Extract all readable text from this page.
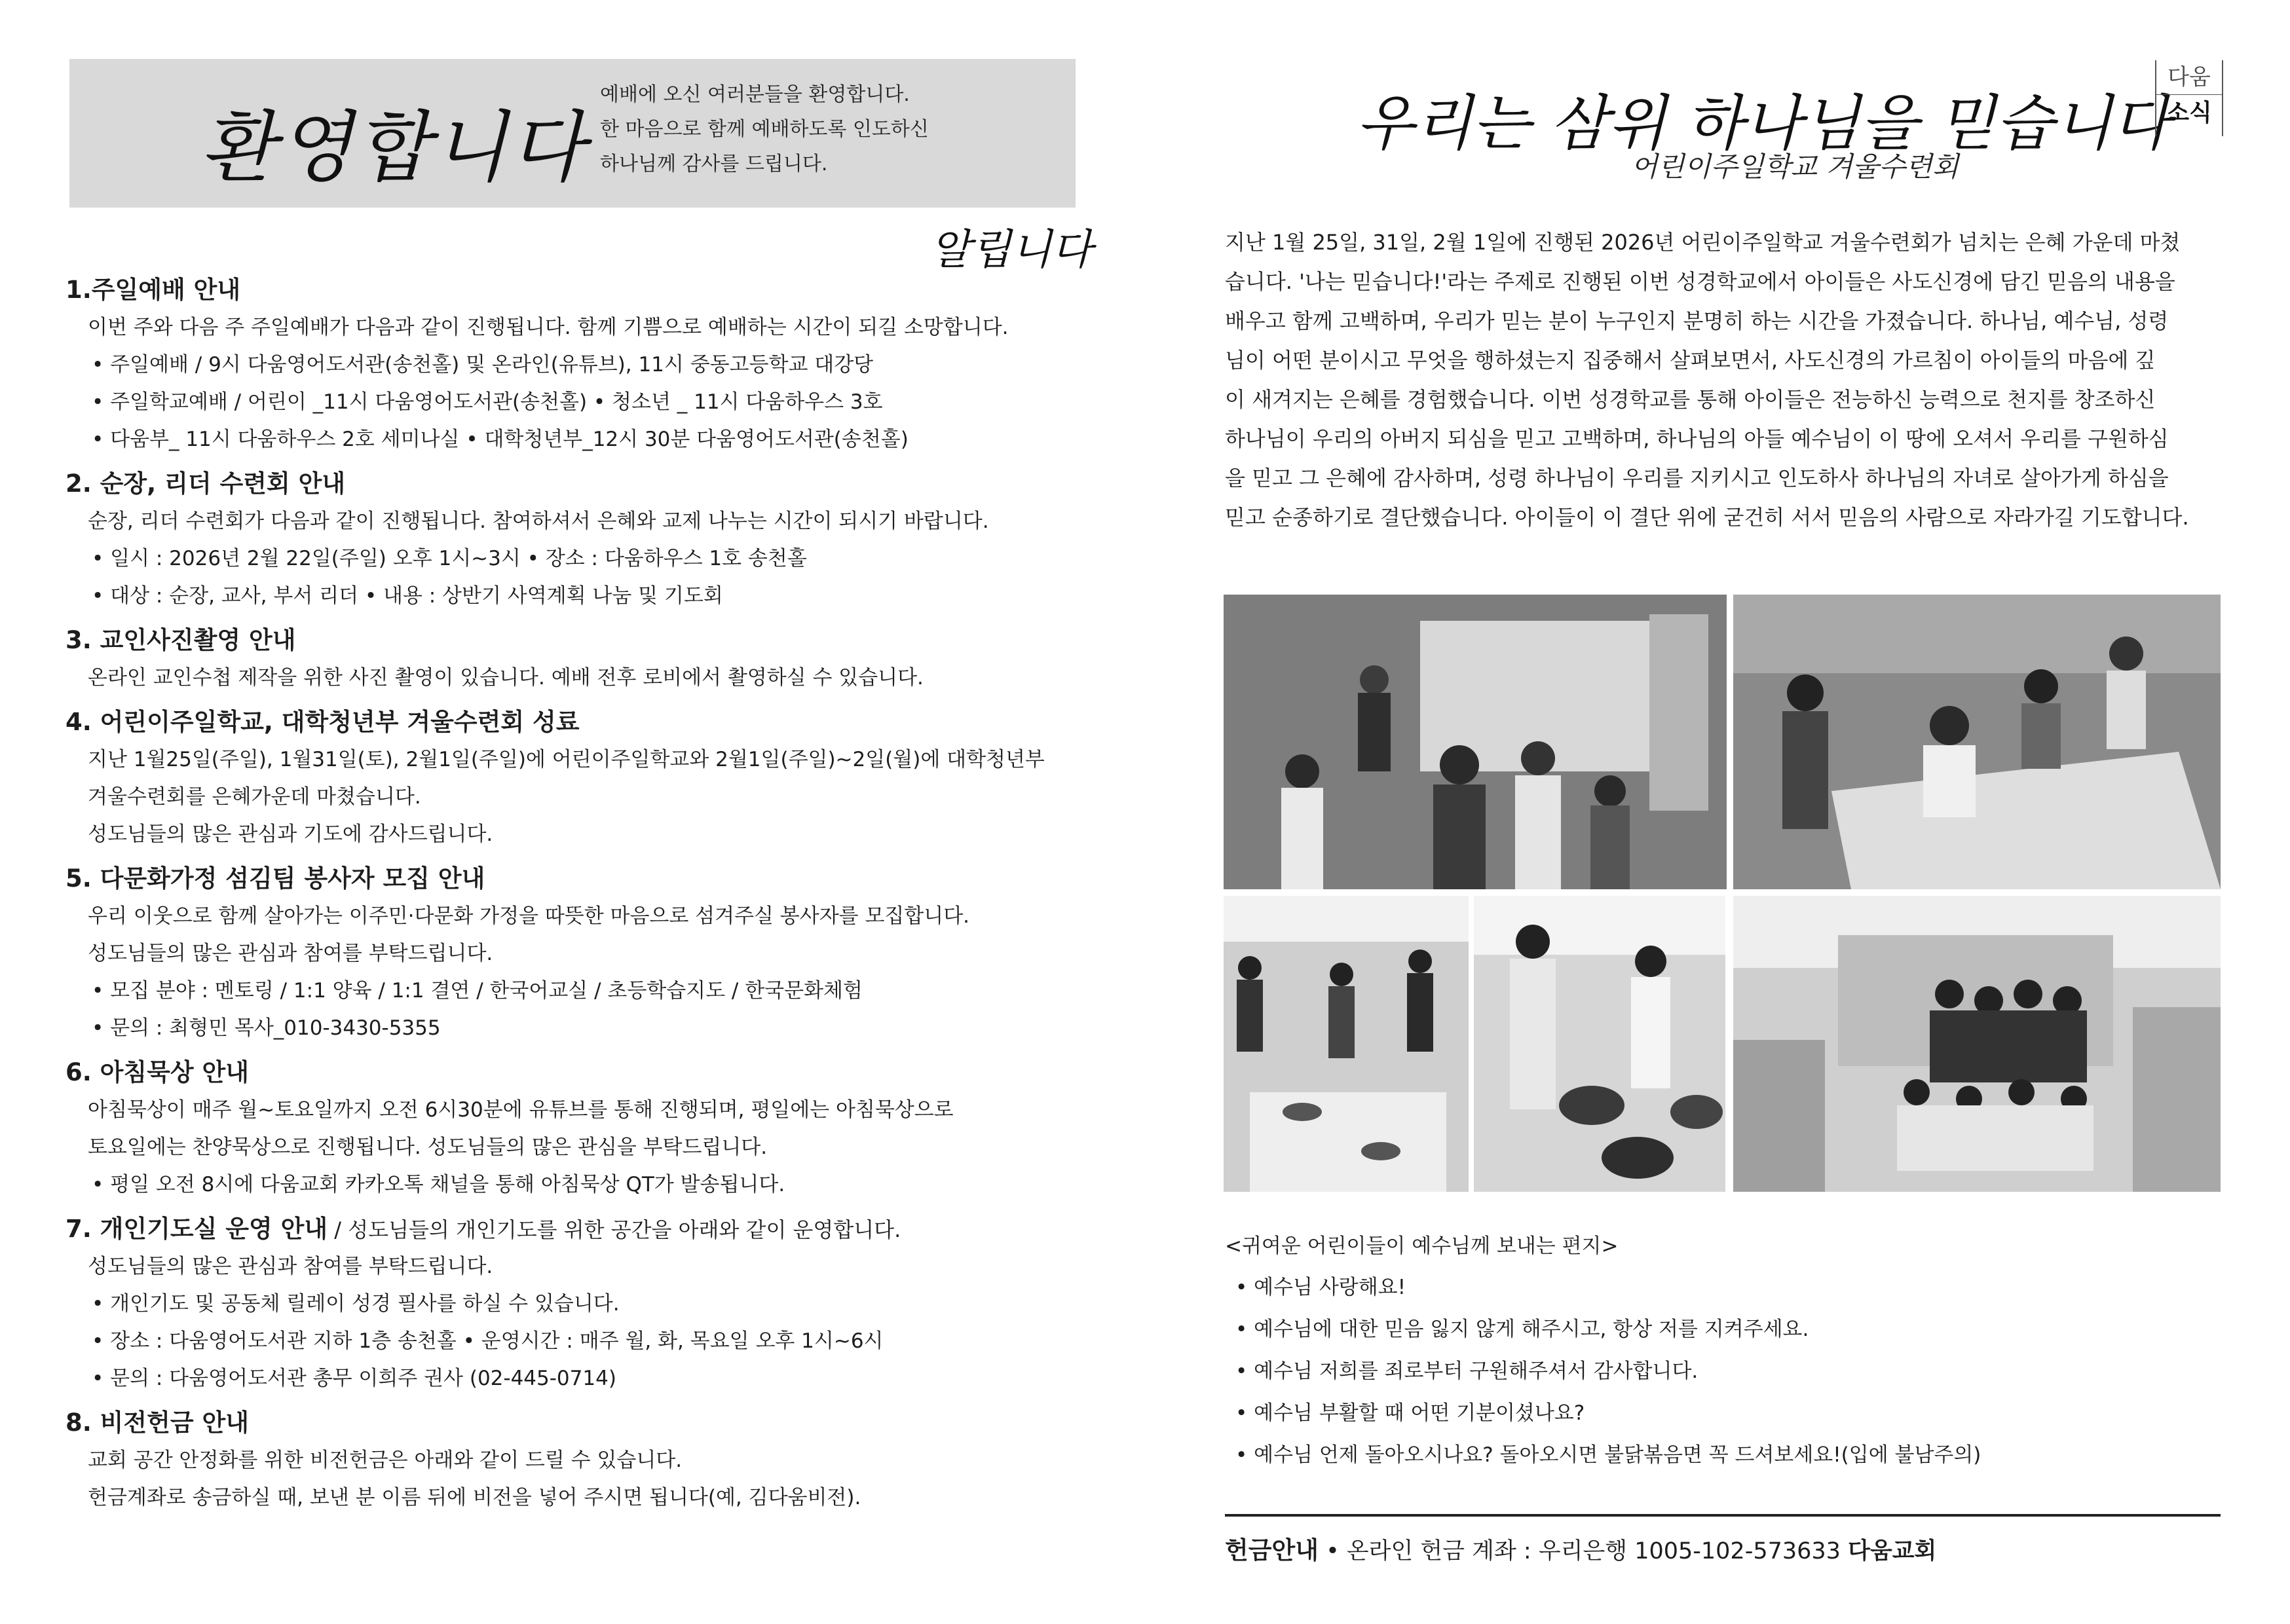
환영합니다
예배에 오신 여러분들을 환영합니다.
한 마음으로 함께 예배하도록 인도하신
하나님께 감사를 드립니다.
알립니다
1.주일예배 안내
이번 주와 다음 주 주일예배가 다음과 같이 진행됩니다. 함께 기쁨으로 예배하는 시간이 되길 소망합니다.
• 주일예배 / 9시 다움영어도서관(송천홀) 및 온라인(유튜브), 11시 중동고등학교 대강당
• 주일학교예배 / 어린이 _11시 다움영어도서관(송천홀) • 청소년 _ 11시 다움하우스 3호
• 다움부_ 11시 다움하우스 2호 세미나실 • 대학청년부_12시 30분 다움영어도서관(송천홀)
2. 순장, 리더 수련회 안내
순장, 리더 수련회가 다음과 같이 진행됩니다. 참여하셔서 은혜와 교제 나누는 시간이 되시기 바랍니다.
• 일시 : 2026년 2월 22일(주일) 오후 1시~3시 • 장소 : 다움하우스 1호 송천홀
• 대상 : 순장, 교사, 부서 리더 • 내용 : 상반기 사역계획 나눔 및 기도회
3. 교인사진촬영 안내
온라인 교인수첩 제작을 위한 사진 촬영이 있습니다. 예배 전후 로비에서 촬영하실 수 있습니다.
4. 어린이주일학교, 대학청년부 겨울수련회 성료
지난 1월25일(주일), 1월31일(토), 2월1일(주일)에 어린이주일학교와 2월1일(주일)~2일(월)에 대학청년부
겨울수련회를 은혜가운데 마쳤습니다.
성도님들의 많은 관심과 기도에 감사드립니다.
5. 다문화가정 섬김팀 봉사자 모집 안내
우리 이웃으로 함께 살아가는 이주민·다문화 가정을 따뜻한 마음으로 섬겨주실 봉사자를 모집합니다.
성도님들의 많은 관심과 참여를 부탁드립니다.
• 모집 분야 : 멘토링 / 1:1 양육 / 1:1 결연 / 한국어교실 / 초등학습지도 / 한국문화체험
• 문의 : 최형민 목사_010-3430-5355
6. 아침묵상 안내
아침묵상이 매주 월~토요일까지 오전 6시30분에 유튜브를 통해 진행되며, 평일에는 아침묵상으로
토요일에는 찬양묵상으로 진행됩니다. 성도님들의 많은 관심을 부탁드립니다.
• 평일 오전 8시에 다움교회 카카오톡 채널을 통해 아침묵상 QT가 발송됩니다.
7. 개인기도실 운영 안내 / 성도님들의 개인기도를 위한 공간을 아래와 같이 운영합니다.
성도님들의 많은 관심과 참여를 부탁드립니다.
• 개인기도 및 공동체 릴레이 성경 필사를 하실 수 있습니다.
• 장소 : 다움영어도서관 지하 1층 송천홀 • 운영시간 : 매주 월, 화, 목요일 오후 1시~6시
• 문의 : 다움영어도서관 총무 이희주 권사 (02-445-0714)
8. 비전헌금 안내
교회 공간 안정화를 위한 비전헌금은 아래와 같이 드릴 수 있습니다.
헌금계좌로 송금하실 때, 보낸 분 이름 뒤에 비전을 넣어 주시면 됩니다(예, 김다움비전).
우리는 삼위 하나님을 믿습니다
어린이주일학교 겨울수련회
다움
소식
지난 1월 25일, 31일, 2월 1일에 진행된 2026년 어린이주일학교 겨울수련회가 넘치는 은혜 가운데 마쳤
습니다. '나는 믿습니다!'라는 주제로 진행된 이번 성경학교에서 아이들은 사도신경에 담긴 믿음의 내용을
배우고 함께 고백하며, 우리가 믿는 분이 누구인지 분명히 하는 시간을 가졌습니다. 하나님, 예수님, 성령
님이 어떤 분이시고 무엇을 행하셨는지 집중해서 살펴보면서, 사도신경의 가르침이 아이들의 마음에 깊
이 새겨지는 은혜를 경험했습니다. 이번 성경학교를 통해 아이들은 전능하신 능력으로 천지를 창조하신
하나님이 우리의 아버지 되심을 믿고 고백하며, 하나님의 아들 예수님이 이 땅에 오셔서 우리를 구원하심
을 믿고 그 은혜에 감사하며, 성령 하나님이 우리를 지키시고 인도하사 하나님의 자녀로 살아가게 하심을
믿고 순종하기로 결단했습니다. 아이들이 이 결단 위에 굳건히 서서 믿음의 사람으로 자라가길 기도합니다.
<귀여운 어린이들이 예수님께 보내는 편지>
• 예수님 사랑해요!
• 예수님에 대한 믿음 잃지 않게 해주시고, 항상 저를 지켜주세요.
• 예수님 저희를 죄로부터 구원해주셔서 감사합니다.
• 예수님 부활할 때 어떤 기분이셨나요?
• 예수님 언제 돌아오시나요? 돌아오시면 불닭볶음면 꼭 드셔보세요!(입에 불남주의)
헌금안내 • 온라인 헌금 계좌 : 우리은행 1005-102-573633 다움교회
